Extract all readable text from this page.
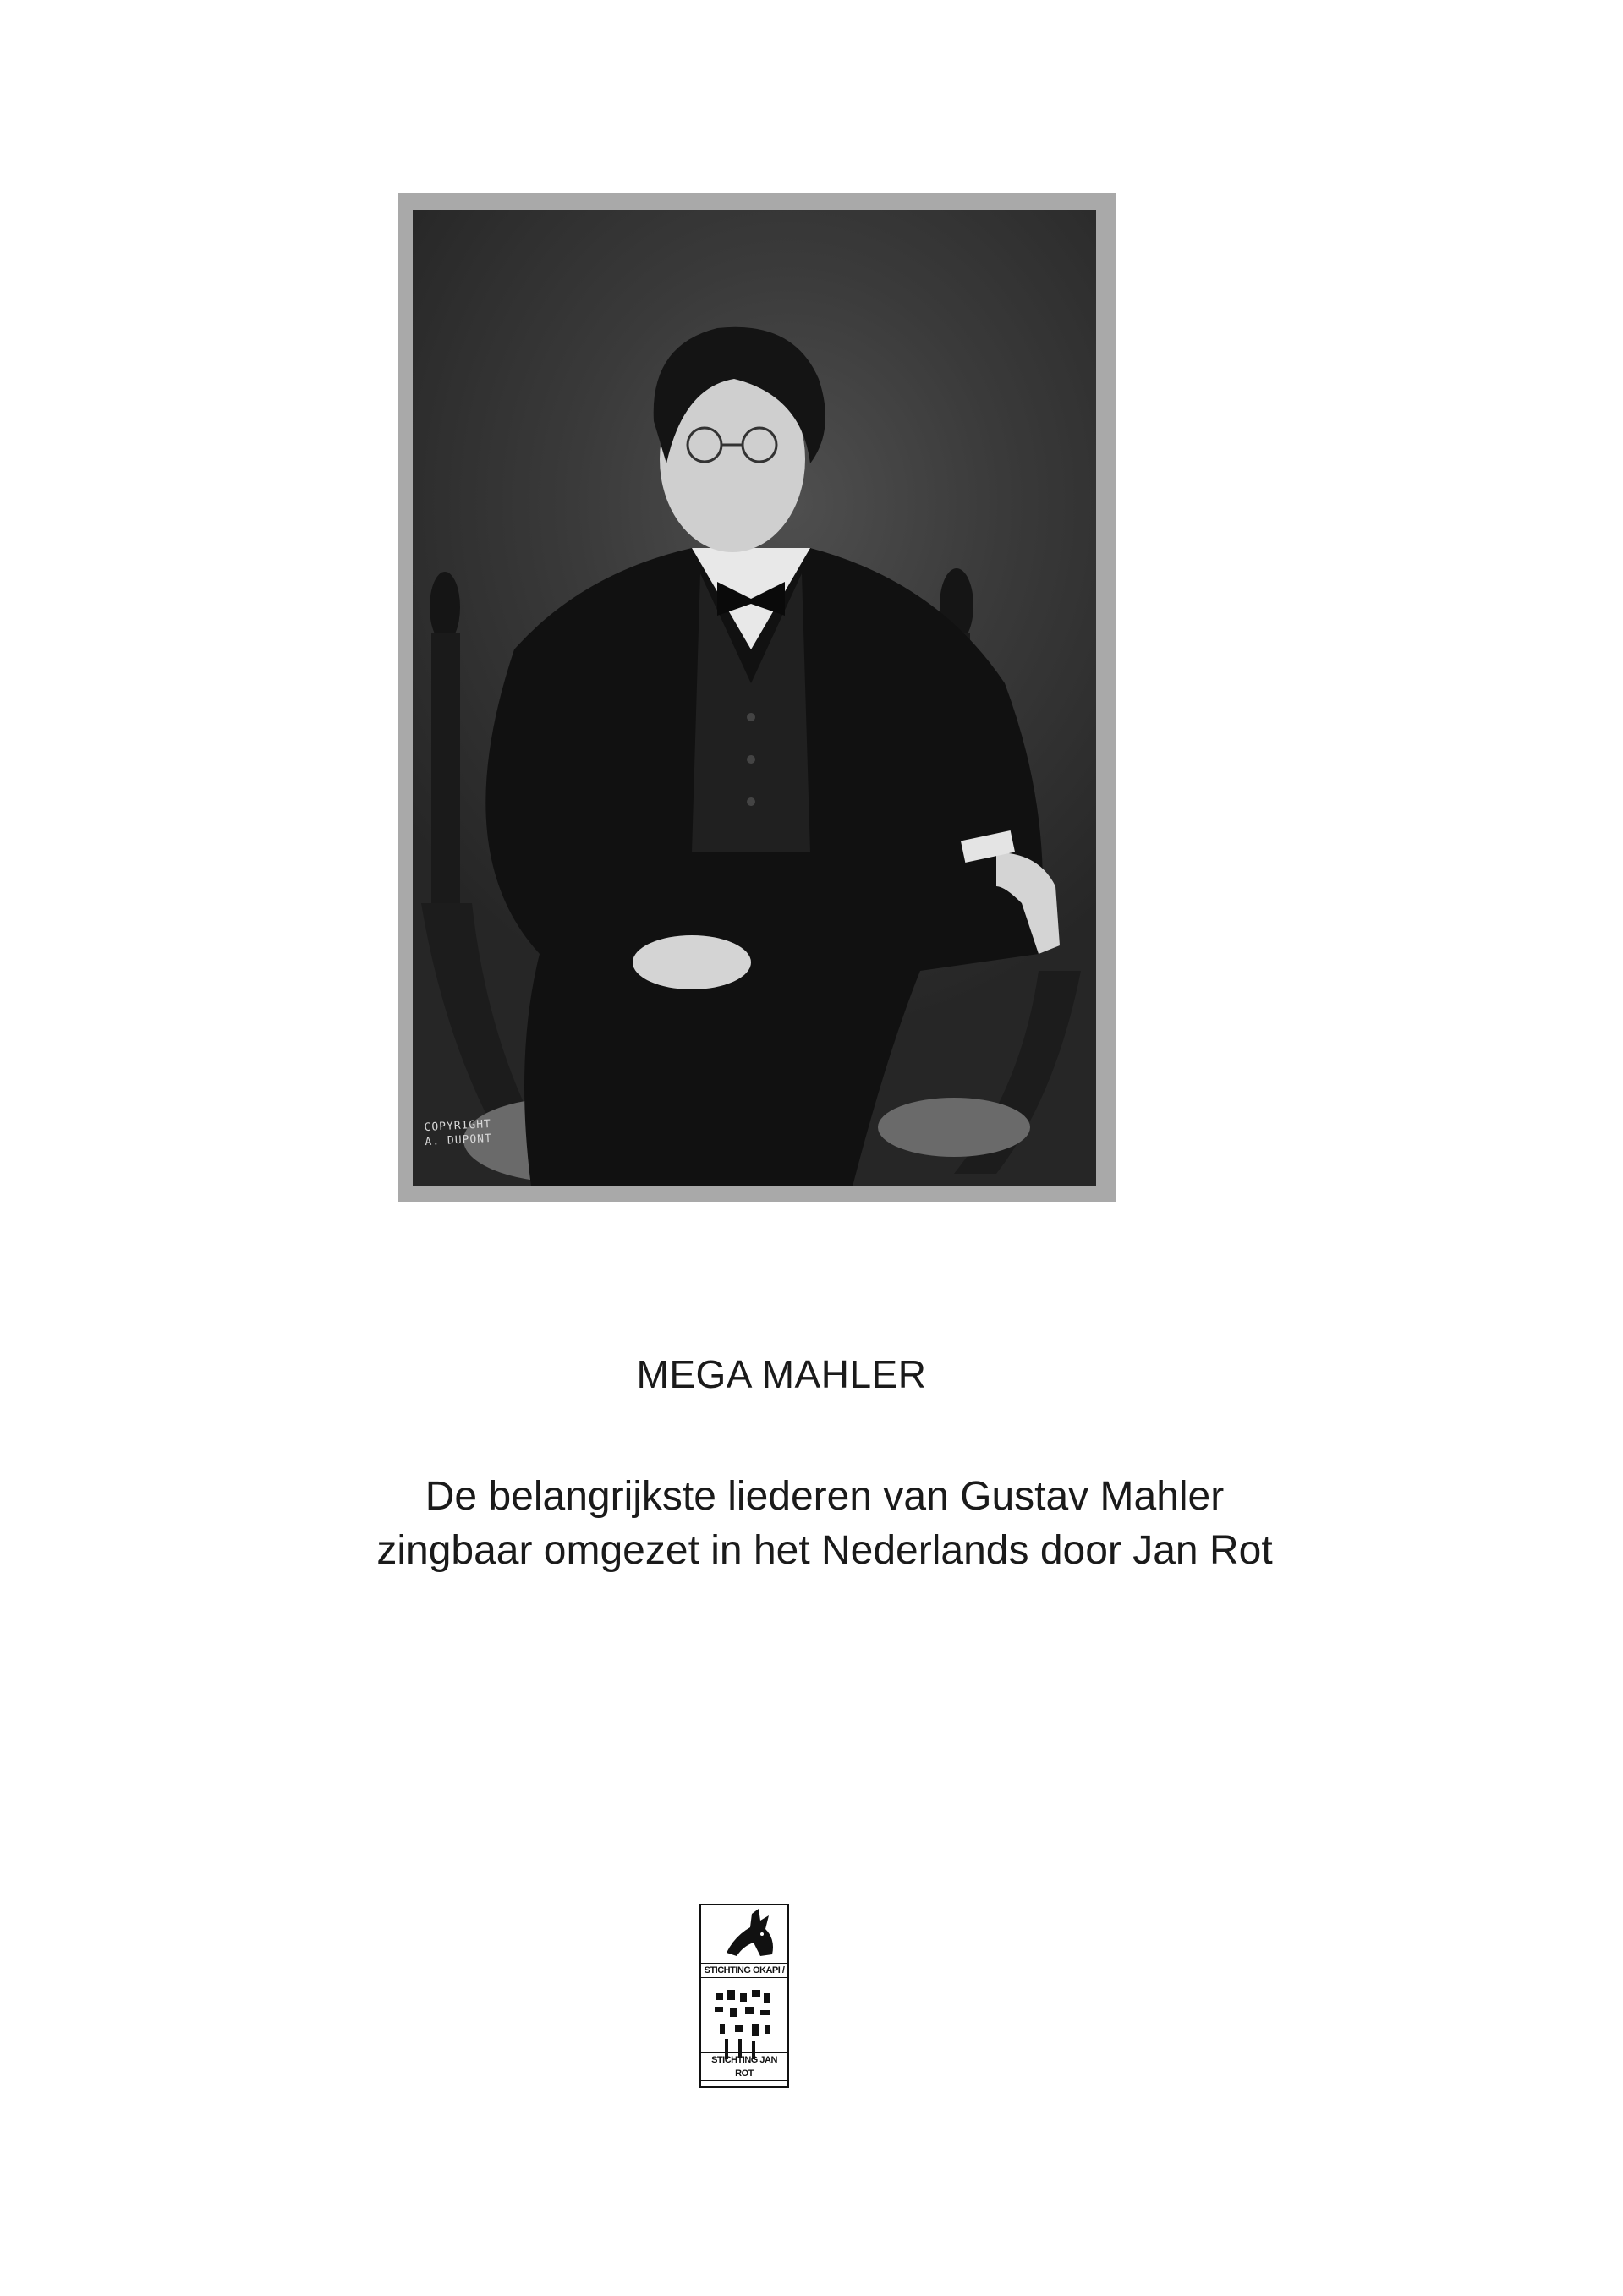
COPYRIGHT
A. DUPONT
MEGA MAHLER
De belangrijkste liederen van Gustav Mahler
zingbaar omgezet in het Nederlands door Jan Rot
STICHTING OKAPI /
STICHTING JAN ROT
